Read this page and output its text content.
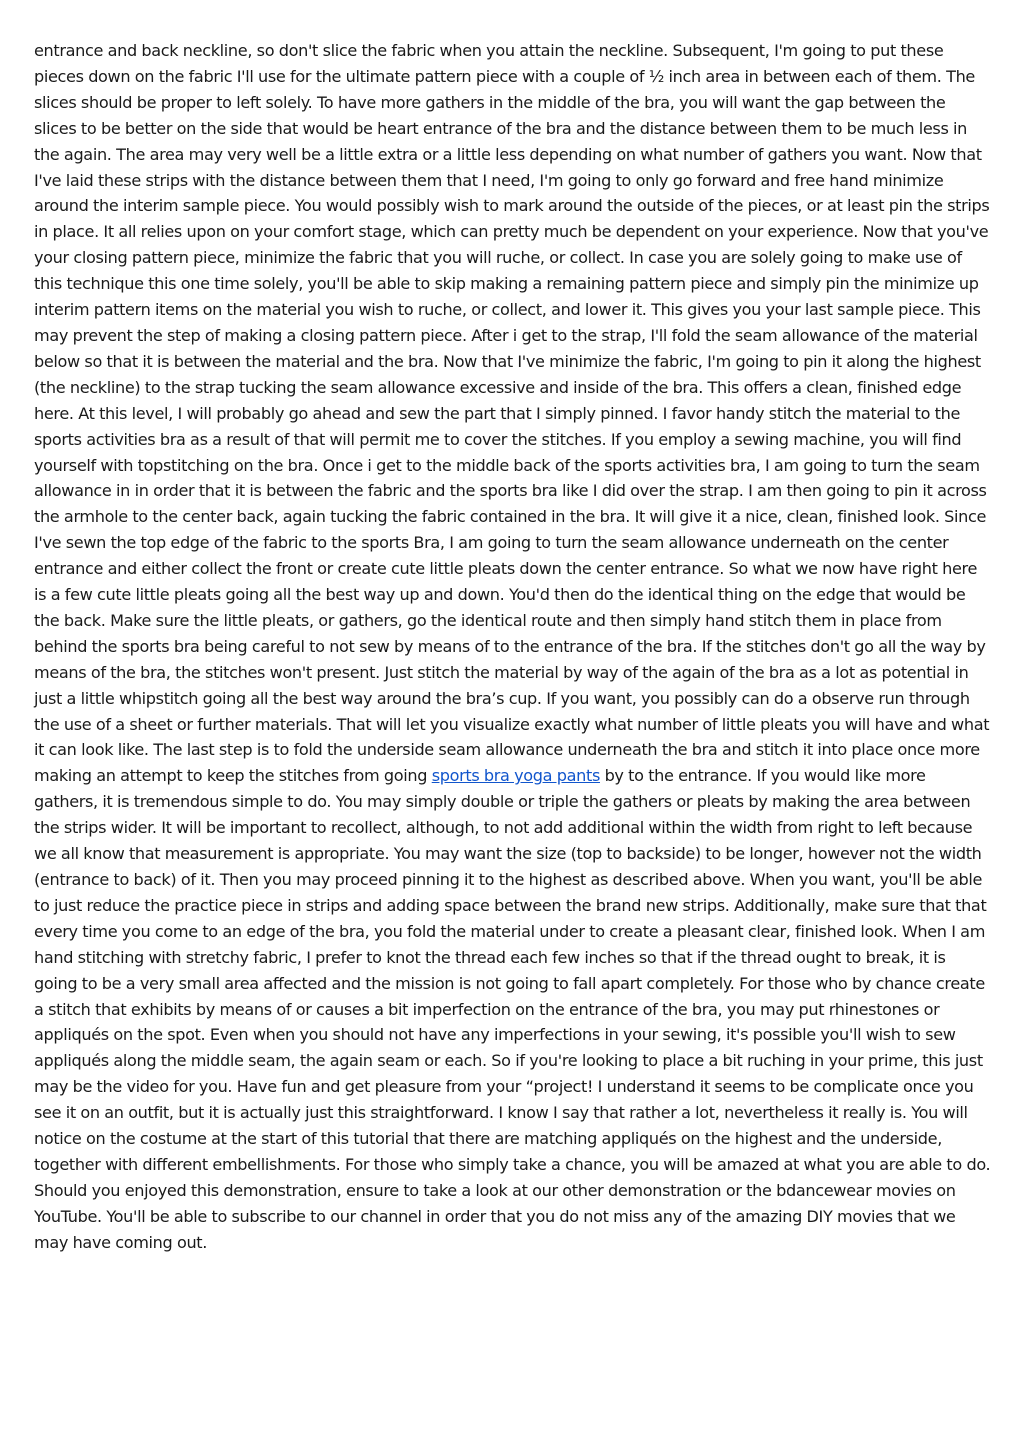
entrance and back neckline, so don't slice the fabric when you attain the neckline. Subsequent, I'm going to put these pieces down on the fabric I'll use for the ultimate pattern piece with a couple of ½ inch area in between each of them. The slices should be proper to left solely. To have more gathers in the middle of the bra, you will want the gap between the slices to be better on the side that would be heart entrance of the bra and the distance between them to be much less in the again. The area may very well be a little extra or a little less depending on what number of gathers you want. Now that I've laid these strips with the distance between them that I need, I'm going to only go forward and free hand minimize around the interim sample piece. You would possibly wish to mark around the outside of the pieces, or at least pin the strips in place. It all relies upon on your comfort stage, which can pretty much be dependent on your experience. Now that you've your closing pattern piece, minimize the fabric that you will ruche, or collect. In case you are solely going to make use of this technique this one time solely, you'll be able to skip making a remaining pattern piece and simply pin the minimize up interim pattern items on the material you wish to ruche, or collect, and lower it. This gives you your last sample piece. This may prevent the step of making a closing pattern piece. After i get to the strap, I'll fold the seam allowance of the material below so that it is between the material and the bra. Now that I've minimize the fabric, I'm going to pin it along the highest (the neckline) to the strap tucking the seam allowance excessive and inside of the bra. This offers a clean, finished edge here. At this level, I will probably go ahead and sew the part that I simply pinned. I favor handy stitch the material to the sports activities bra as a result of that will permit me to cover the stitches. If you employ a sewing machine, you will find yourself with topstitching on the bra. Once i get to the middle back of the sports activities bra, I am going to turn the seam allowance in in order that it is between the fabric and the sports bra like I did over the strap. I am then going to pin it across the armhole to the center back, again tucking the fabric contained in the bra. It will give it a nice, clean, finished look. Since I've sewn the top edge of the fabric to the sports Bra, I am going to turn the seam allowance underneath on the center entrance and either collect the front or create cute little pleats down the center entrance. So what we now have right here is a few cute little pleats going all the best way up and down. You'd then do the identical thing on the edge that would be the back. Make sure the little pleats, or gathers, go the identical route and then simply hand stitch them in place from behind the sports bra being careful to not sew by means of to the entrance of the bra. If the stitches don't go all the way by means of the bra, the stitches won't present. Just stitch the material by way of the again of the bra as a lot as potential in just a little whipstitch going all the best way around the bra’s cup. If you want, you possibly can do a observe run through the use of a sheet or further materials. That will let you visualize exactly what number of little pleats you will have and what it can look like. The last step is to fold the underside seam allowance underneath the bra and stitch it into place once more making an attempt to keep the stitches from going sports bra yoga pants by to the entrance. If you would like more gathers, it is tremendous simple to do. You may simply double or triple the gathers or pleats by making the area between the strips wider. It will be important to recollect, although, to not add additional within the width from right to left because we all know that measurement is appropriate. You may want the size (top to backside) to be longer, however not the width (entrance to back) of it. Then you may proceed pinning it to the highest as described above. When you want, you'll be able to just reduce the practice piece in strips and adding space between the brand new strips. Additionally, make sure that that every time you come to an edge of the bra, you fold the material under to create a pleasant clear, finished look. When I am hand stitching with stretchy fabric, I prefer to knot the thread each few inches so that if the thread ought to break, it is going to be a very small area affected and the mission is not going to fall apart completely. For those who by chance create a stitch that exhibits by means of or causes a bit imperfection on the entrance of the bra, you may put rhinestones or appliqués on the spot. Even when you should not have any imperfections in your sewing, it's possible you'll wish to sew appliqués along the middle seam, the again seam or each. So if you're looking to place a bit ruching in your prime, this just may be the video for you. Have fun and get pleasure from your “project! I understand it seems to be complicate once you see it on an outfit, but it is actually just this straightforward. I know I say that rather a lot, nevertheless it really is. You will notice on the costume at the start of this tutorial that there are matching appliqués on the highest and the underside, together with different embellishments. For those who simply take a chance, you will be amazed at what you are able to do. Should you enjoyed this demonstration, ensure to take a look at our other demonstration or the bdancewear movies on YouTube. You'll be able to subscribe to our channel in order that you do not miss any of the amazing DIY movies that we may have coming out.
